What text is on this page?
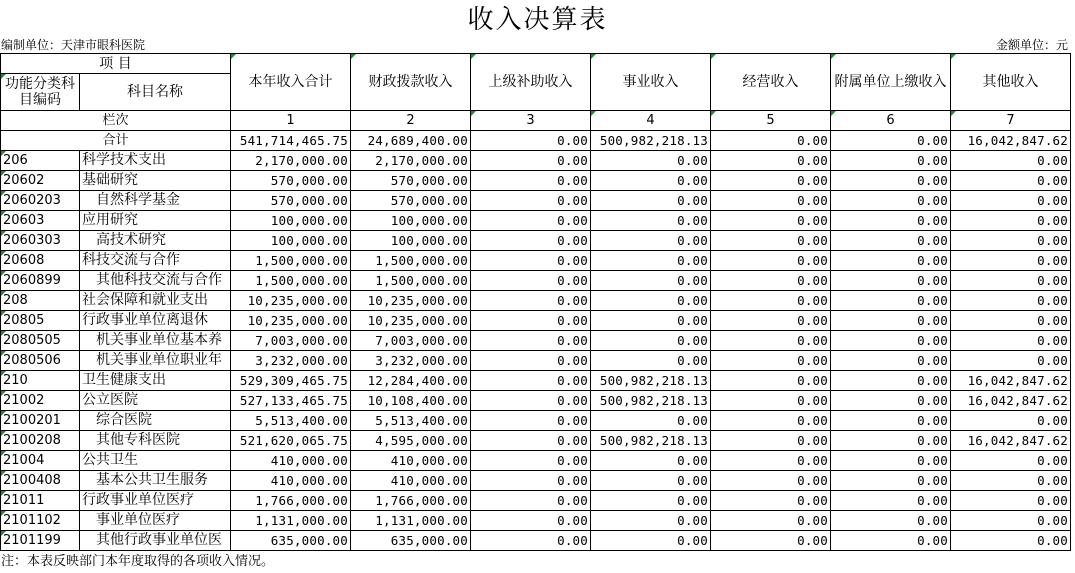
收入决算表
编制单位：天津市眼科医院	金额单位：元
项 目		本年收入合计	财政拨款收入	上级补助收入	事业收入	经营收入	附属单位上缴收入	其他收入
功能分类科目编码	科目名称							

栏次		1	2	3	4	5	6	7
合计		541,714,465.75	24,689,400.00	0.00	500,982,218.13	0.00	0.00	16,042,847.62
206	科学技术支出	2,170,000.00	2,170,000.00	0.00	0.00	0.00	0.00	0.00
20602	基础研究	570,000.00	570,000.00	0.00	0.00	0.00	0.00	0.00
2060203	自然科学基金	570,000.00	570,000.00	0.00	0.00	0.00	0.00	0.00
20603	应用研究	100,000.00	100,000.00	0.00	0.00	0.00	0.00	0.00
2060303	高技术研究	100,000.00	100,000.00	0.00	0.00	0.00	0.00	0.00
20608	科技交流与合作	1,500,000.00	1,500,000.00	0.00	0.00	0.00	0.00	0.00
2060899	其他科技交流与合作	1,500,000.00	1,500,000.00	0.00	0.00	0.00	0.00	0.00
208	社会保障和就业支出	10,235,000.00	10,235,000.00	0.00	0.00	0.00	0.00	0.00
20805	行政事业单位离退休	10,235,000.00	10,235,000.00	0.00	0.00	0.00	0.00	0.00
2080505	机关事业单位基本养	7,003,000.00	7,003,000.00	0.00	0.00	0.00	0.00	0.00
2080506	机关事业单位职业年	3,232,000.00	3,232,000.00	0.00	0.00	0.00	0.00	0.00
210	卫生健康支出	529,309,465.75	12,284,400.00	0.00	500,982,218.13	0.00	0.00	16,042,847.62
21002	公立医院	527,133,465.75	10,108,400.00	0.00	500,982,218.13	0.00	0.00	16,042,847.62
2100201	综合医院	5,513,400.00	5,513,400.00	0.00	0.00	0.00	0.00	0.00
2100208	其他专科医院	521,620,065.75	4,595,000.00	0.00	500,982,218.13	0.00	0.00	16,042,847.62
21004	公共卫生	410,000.00	410,000.00	0.00	0.00	0.00	0.00	0.00
2100408	基本公共卫生服务	410,000.00	410,000.00	0.00	0.00	0.00	0.00	0.00
21011	行政事业单位医疗	1,766,000.00	1,766,000.00	0.00	0.00	0.00	0.00	0.00
2101102	事业单位医疗	1,131,000.00	1,131,000.00	0.00	0.00	0.00	0.00	0.00
2101199	其他行政事业单位医	635,000.00	635,000.00	0.00	0.00	0.00	0.00	0.00
注：本表反映部门本年度取得的各项收入情况。
